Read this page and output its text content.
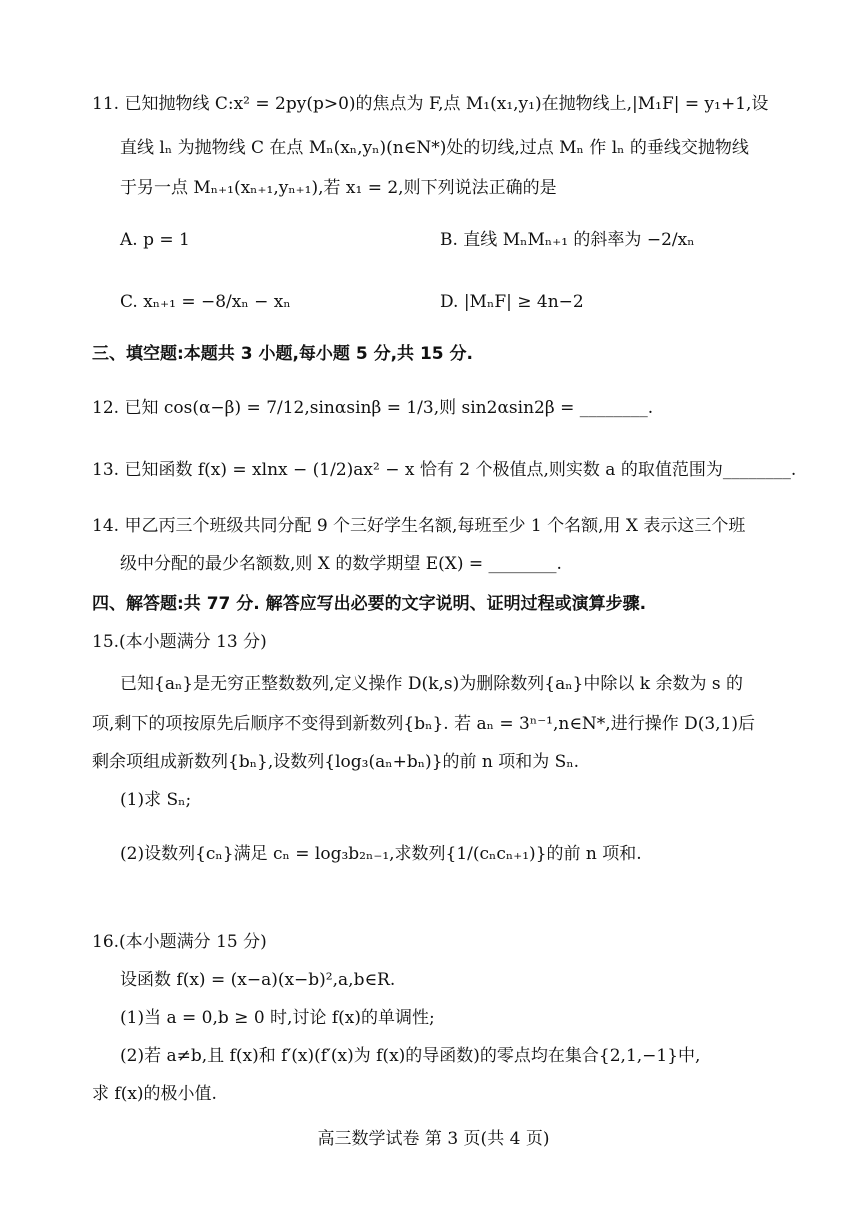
11. 已知抛物线 C:x² = 2py(p>0)的焦点为 F,点 M₁(x₁,y₁)在抛物线上,|M₁F| = y₁+1,设
直线 lₙ 为抛物线 C 在点 Mₙ(xₙ,yₙ)(n∈N*)处的切线,过点 Mₙ 作 lₙ 的垂线交抛物线
于另一点 Mₙ₊₁(xₙ₊₁,yₙ₊₁),若 x₁ = 2,则下列说法正确的是
A. p = 1	B. 直线 MₙMₙ₊₁ 的斜率为 −2/xₙ
C. xₙ₊₁ = −8/xₙ − xₙ	D. |MₙF| ≥ 4n−2
三、填空题:本题共 3 小题,每小题 5 分,共 15 分.
12. 已知 cos(α−β) = 7/12,sinαsinβ = 1/3,则 sin2αsin2β = ________.
13. 已知函数 f(x) = xlnx − (1/2)ax² − x 恰有 2 个极值点,则实数 a 的取值范围为________.
14. 甲乙丙三个班级共同分配 9 个三好学生名额,每班至少 1 个名额,用 X 表示这三个班
级中分配的最少名额数,则 X 的数学期望 E(X) = ________.
四、解答题:共 77 分. 解答应写出必要的文字说明、证明过程或演算步骤.
15.(本小题满分 13 分)
已知{aₙ}是无穷正整数数列,定义操作 D(k,s)为删除数列{aₙ}中除以 k 余数为 s 的
项,剩下的项按原先后顺序不变得到新数列{bₙ}. 若 aₙ = 3ⁿ⁻¹,n∈N*,进行操作 D(3,1)后
剩余项组成新数列{bₙ},设数列{log₃(aₙ+bₙ)}的前 n 项和为 Sₙ.
(1)求 Sₙ;
(2)设数列{cₙ}满足 cₙ = log₃b₂ₙ₋₁,求数列{1/(cₙcₙ₊₁)}的前 n 项和.
16.(本小题满分 15 分)
设函数 f(x) = (x−a)(x−b)²,a,b∈R.
(1)当 a = 0,b ≥ 0 时,讨论 f(x)的单调性;
(2)若 a≠b,且 f(x)和 f′(x)(f′(x)为 f(x)的导函数)的零点均在集合{2,1,−1}中,
求 f(x)的极小值.
高三数学试卷 第 3 页(共 4 页)
